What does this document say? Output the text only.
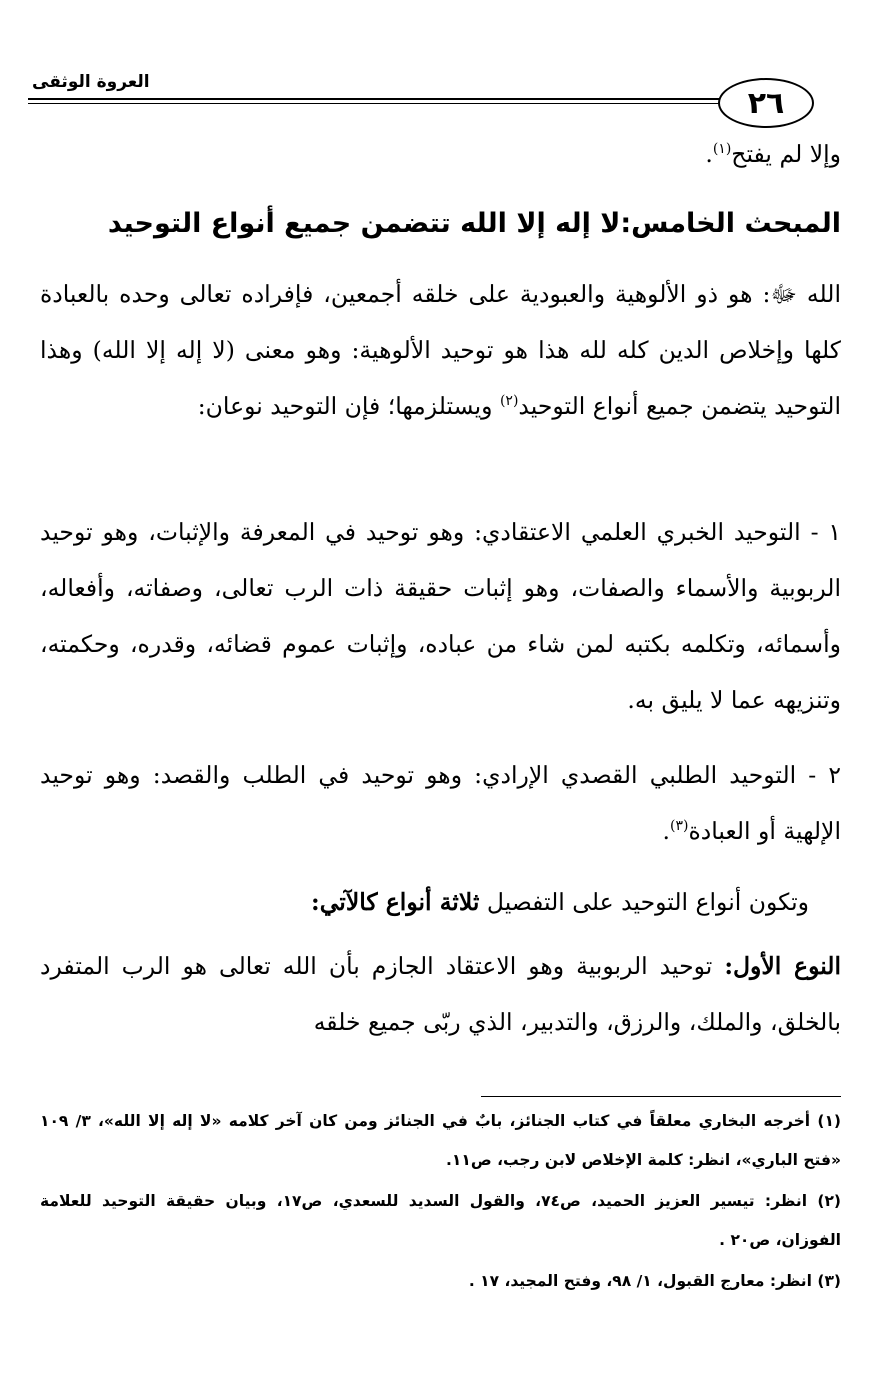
العروة الوثقى
٢٦

وإلا لم يفتح$^{(١)}$.

المبحث الخامس:لا إله إلا الله تتضمن جميع أنواع التوحيد

الله ﷻ: هو ذو الألوهية والعبودية على خلقه أجمعين، فإفراده تعالى وحده بالعبادة كلها وإخلاص الدين كله لله هذا هو توحيد الألوهية: وهو معنى (لا إله إلا الله) وهذا التوحيد يتضمن جميع أنواع التوحيد$^{(٢)}$ ويستلزمها؛ فإن التوحيد نوعان:

١ - التوحيد الخبري العلمي الاعتقادي: وهو توحيد في المعرفة والإثبات، وهو توحيد الربوبية والأسماء والصفات، وهو إثبات حقيقة ذات الرب تعالى، وصفاته، وأفعاله، وأسمائه، وتكلمه بكتبه لمن شاء من عباده، وإثبات عموم قضائه، وقدره، وحكمته، وتنزيهه عما لا يليق به.

٢ - التوحيد الطلبي القصدي الإرادي: وهو توحيد في الطلب والقصد: وهو توحيد الإلهية أو العبادة$^{(٣)}$.

وتكون أنواع التوحيد على التفصيل ثلاثة أنواع كالآتي:

النوع الأول: توحيد الربوبية وهو الاعتقاد الجازم بأن الله تعالى هو الرب المتفرد بالخلق، والملك، والرزق، والتدبير، الذي ربّى جميع خلقه

(١) أخرجه البخاري معلقاً في كتاب الجنائز، بابٌ في الجنائز ومن كان آخر كلامه «لا إله إلا الله»، ٣/ ١٠٩ «فتح الباري»، انظر: كلمة الإخلاص لابن رجب، ص١١.
(٢) انظر: تيسير العزيز الحميد، ص٧٤، والقول السديد للسعدي، ص١٧، وبيان حقيقة التوحيد للعلامة الفوزان، ص٢٠ .
(٣) انظر: معارج القبول، ١/ ٩٨، وفتح المجيد، ١٧ .
